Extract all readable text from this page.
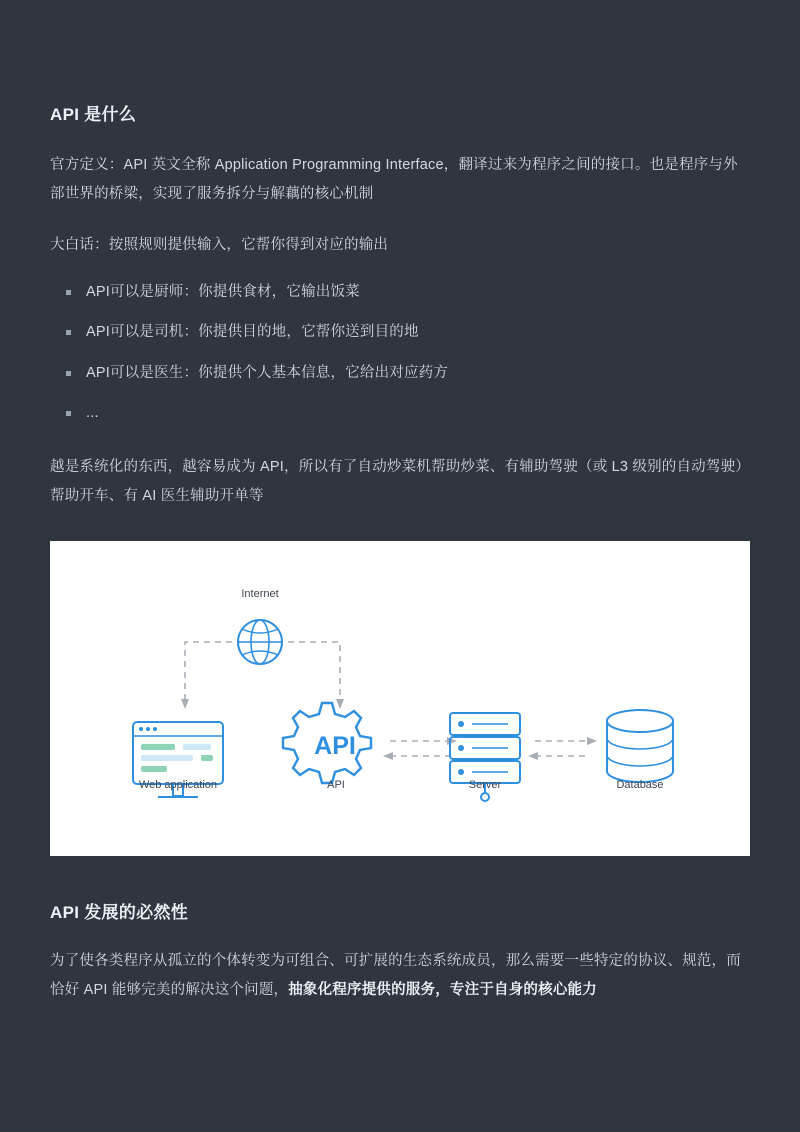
API 是什么

官方定义：API 英文全称 Application Programming Interface，翻译过来为程序之间的接口。也是程序与外部世界的桥梁，实现了服务拆分与解藕的核心机制

大白话：按照规则提供输入，它帮你得到对应的输出

API可以是厨师：你提供食材，它输出饭菜
API可以是司机：你提供目的地，它帮你送到目的地
API可以是医生：你提供个人基本信息，它给出对应药方
...

越是系统化的东西，越容易成为 API，所以有了自动炒菜机帮助炒菜、有辅助驾驶（或 L3 级别的自动驾驶）帮助开车、有 AI 医生辅助开单等

API
Internet
Web application	API	Server	Database
API 发展的必然性

为了使各类程序从孤立的个体转变为可组合、可扩展的生态系统成员，那么需要一些特定的协议、规范，而恰好 API 能够完美的解决这个问题，抽象化程序提供的服务，专注于自身的核心能力
